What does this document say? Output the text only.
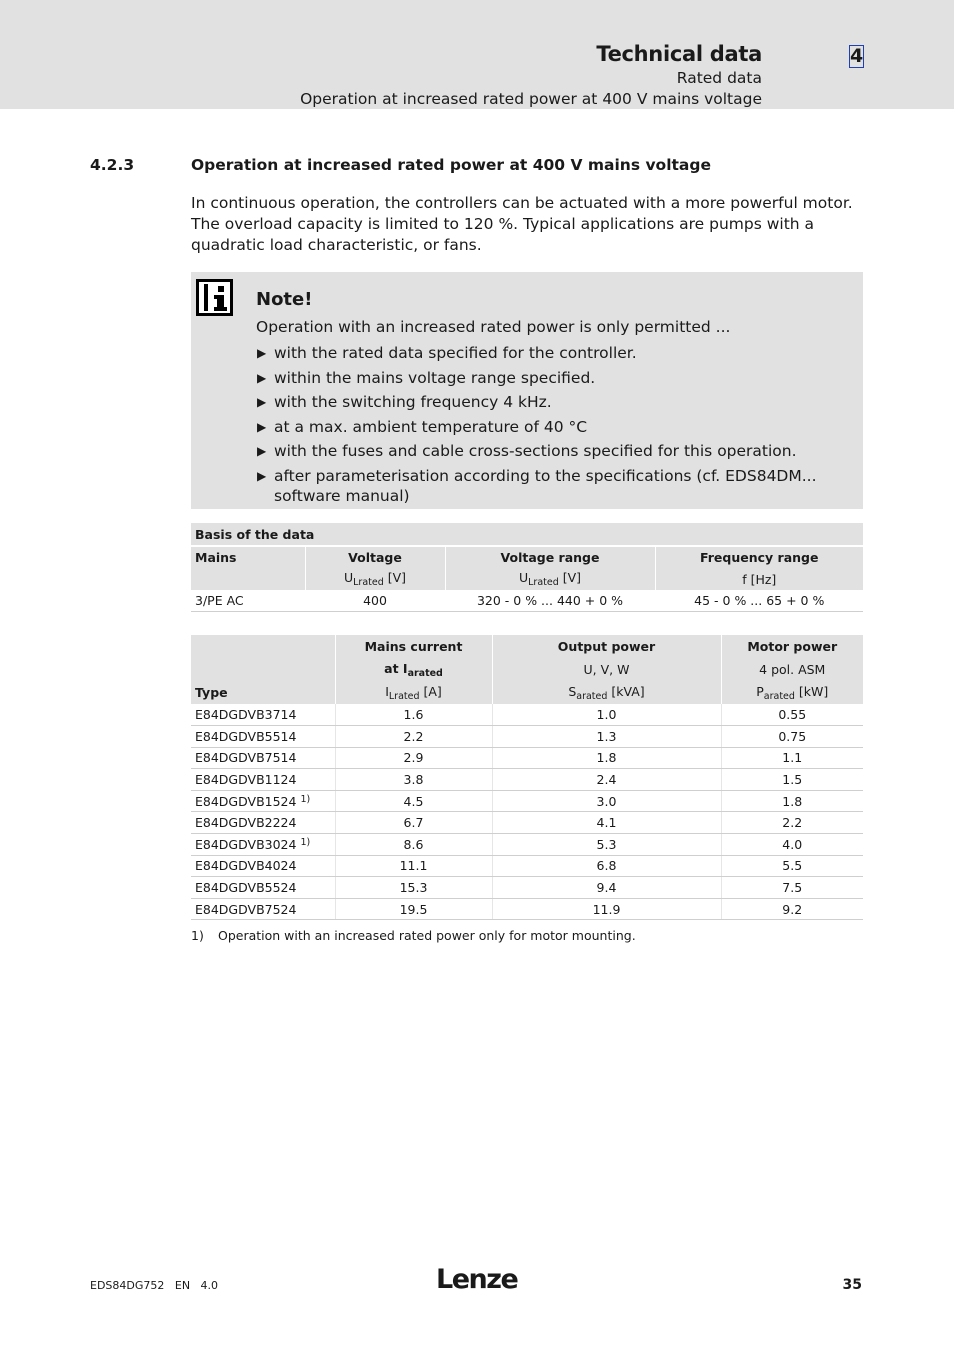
Technical data
Rated data
Operation at increased rated power at 400 V mains voltage
4
4.2.3	Operation at increased rated power at 400 V mains voltage

In continuous operation, the controllers can be actuated with a more powerful motor. The overload capacity is limited to 120 %. Typical applications are pumps with a quadratic load characteristic, or fans.

Note!
Operation with an increased rated power is only permitted ...
▶ with the rated data specified for the controller.
▶ within the mains voltage range specified.
▶ with the switching frequency 4 kHz.
▶ at a max. ambient temperature of 40 °C
▶ with the fuses and cable cross-sections specified for this operation.
▶ after parameterisation according to the specifications (cf. EDS84DM... software manual)
Basis of the data			
Mains	Voltage	Voltage range	Frequency range
	$U_{Lrated}$ [V]	$U_{Lrated}$ [V]	f [Hz]
3/PE AC	400	320 - 0 % ... 440 + 0 %	45 - 0 % ... 65 + 0 %
	Mains current	Output power	Motor power
	at $I_{arated}$	U, V, W	4 pol. ASM
Type	$I_{Lrated}$ [A]	$S_{arated}$ [kVA]	$P_{arated}$ [kW]
E84DGDVB3714	1.6	1.0	0.55
E84DGDVB5514	2.2	1.3	0.75
E84DGDVB7514	2.9	1.8	1.1
E84DGDVB1124	3.8	2.4	1.5
E84DGDVB1524 $^{1)}$	4.5	3.0	1.8
E84DGDVB2224	6.7	4.1	2.2
E84DGDVB3024 $^{1)}$	8.6	5.3	4.0
E84DGDVB4024	11.1	6.8	5.5
E84DGDVB5524	15.3	9.4	7.5
E84DGDVB7524	19.5	11.9	9.2
1) Operation with an increased rated power only for motor mounting.
EDS84DG752   EN   4.0	Lenze	35
